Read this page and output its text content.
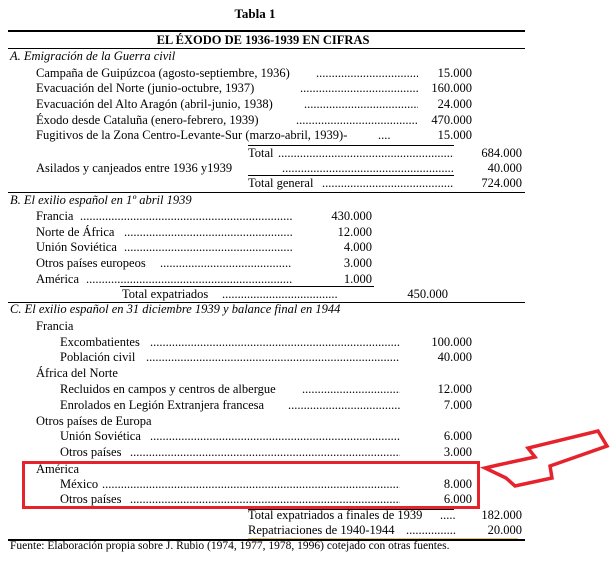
Tabla 1
EL ÉXODO DE 1936-1939 EN CIFRAS
A. Emigración de la Guerra civil
Campaña de Guipúzcoa (agosto-septiembre, 1936) .....	15.000
Evacuación del Norte (junio-octubre, 1937) .....	160.000
Evacuación del Alto Aragón (abril-junio, 1938) .....	24.000
Éxodo desde Cataluña (enero-febrero, 1939) .....	470.000
Fugitivos de la Zona Centro-Levante-Sur (marzo-abril, 1939)- .....	15.000
Total .....	684.000
Asilados y canjeados entre 1936 y1939 .....	40.000
Total general .....	724.000
B. El exilio español en 1º abril 1939
Francia .....	430.000
Norte de África .....	12.000
Unión Soviética .....	4.000
Otros países europeos .....	3.000
América .....	1.000
Total expatriados .....	450.000
C. El exilio español en 31 diciembre 1939 y balance final en 1944
Francia
Excombatientes .....	100.000
Población civil .....	40.000
África del Norte
Recluidos en campos y centros de albergue .....	12.000
Enrolados en Legión Extranjera francesa .....	7.000
Otros países de Europa
Unión Soviética .....	6.000
Otros países .....	3.000
América
México .....	8.000
Otros países .....	6.000
Total expatriados a finales de 1939 .....	182.000
Repatriaciones de 1940-1944 .....	20.000
Fuente: Elaboración propia sobre J. Rubio (1974, 1977, 1978, 1996) cotejado con otras fuentes.
